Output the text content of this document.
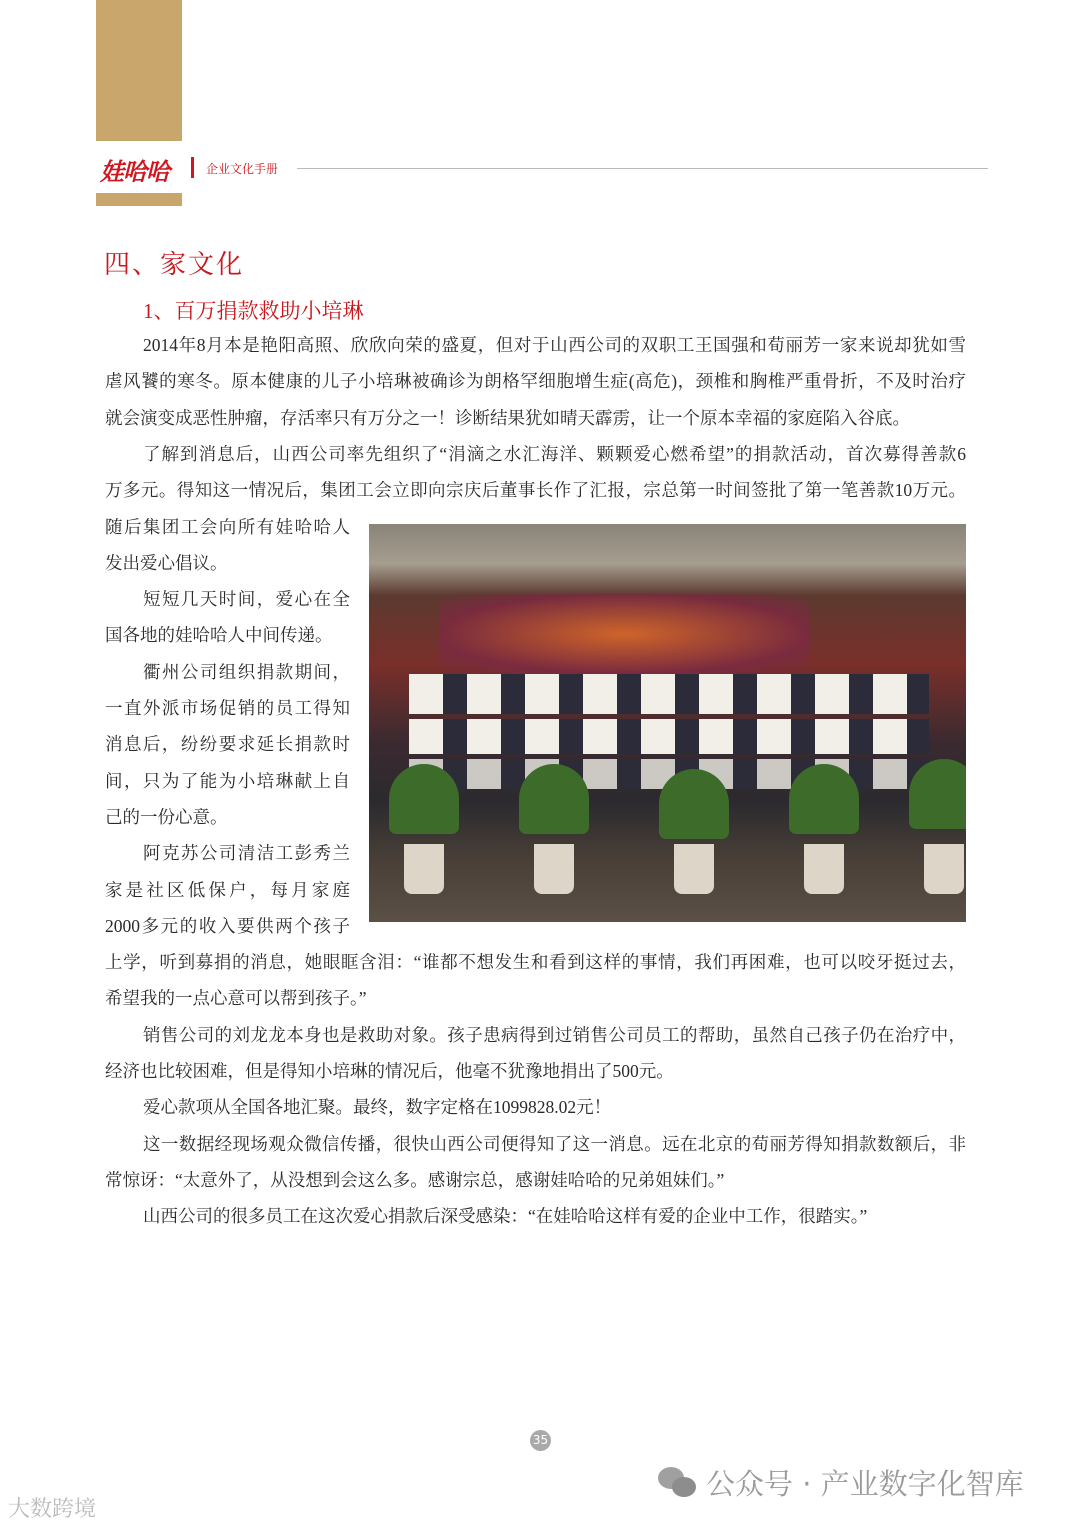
娃哈哈	企业文化手册
四、家文化
1、百万捐款救助小培琳
2014年8月本是艳阳高照、欣欣向荣的盛夏，但对于山西公司的双职工王国强和荀丽芳一家来说却犹如雪
虐风饕的寒冬。原本健康的儿子小培琳被确诊为朗格罕细胞增生症(高危)，颈椎和胸椎严重骨折，不及时治疗
就会演变成恶性肿瘤，存活率只有万分之一！诊断结果犹如晴天霹雳，让一个原本幸福的家庭陷入谷底。
了解到消息后，山西公司率先组织了“涓滴之水汇海洋、颗颗爱心燃希望”的捐款活动，首次募得善款6
万多元。得知这一情况后，集团工会立即向宗庆后董事长作了汇报，宗总第一时间签批了第一笔善款10万元。
随后集团工会向所有娃哈哈人
发出爱心倡议。
短短几天时间，爱心在全
国各地的娃哈哈人中间传递。
衢州公司组织捐款期间，
一直外派市场促销的员工得知
消息后，纷纷要求延长捐款时
间，只为了能为小培琳献上自
己的一份心意。
阿克苏公司清洁工彭秀兰
家是社区低保户，每月家庭
2000多元的收入要供两个孩子
上学，听到募捐的消息，她眼眶含泪：“谁都不想发生和看到这样的事情，我们再困难，也可以咬牙挺过去，
希望我的一点心意可以帮到孩子。”
销售公司的刘龙龙本身也是救助对象。孩子患病得到过销售公司员工的帮助，虽然自己孩子仍在治疗中，
经济也比较困难，但是得知小培琳的情况后，他毫不犹豫地捐出了500元。
爱心款项从全国各地汇聚。最终，数字定格在1099828.02元！
这一数据经现场观众微信传播，很快山西公司便得知了这一消息。远在北京的荀丽芳得知捐款数额后，非
常惊讶：“太意外了，从没想到会这么多。感谢宗总，感谢娃哈哈的兄弟姐妹们。”
山西公司的很多员工在这次爱心捐款后深受感染：“在娃哈哈这样有爱的企业中工作，很踏实。”
35
公众号 · 产业数字化智库
大数跨境
